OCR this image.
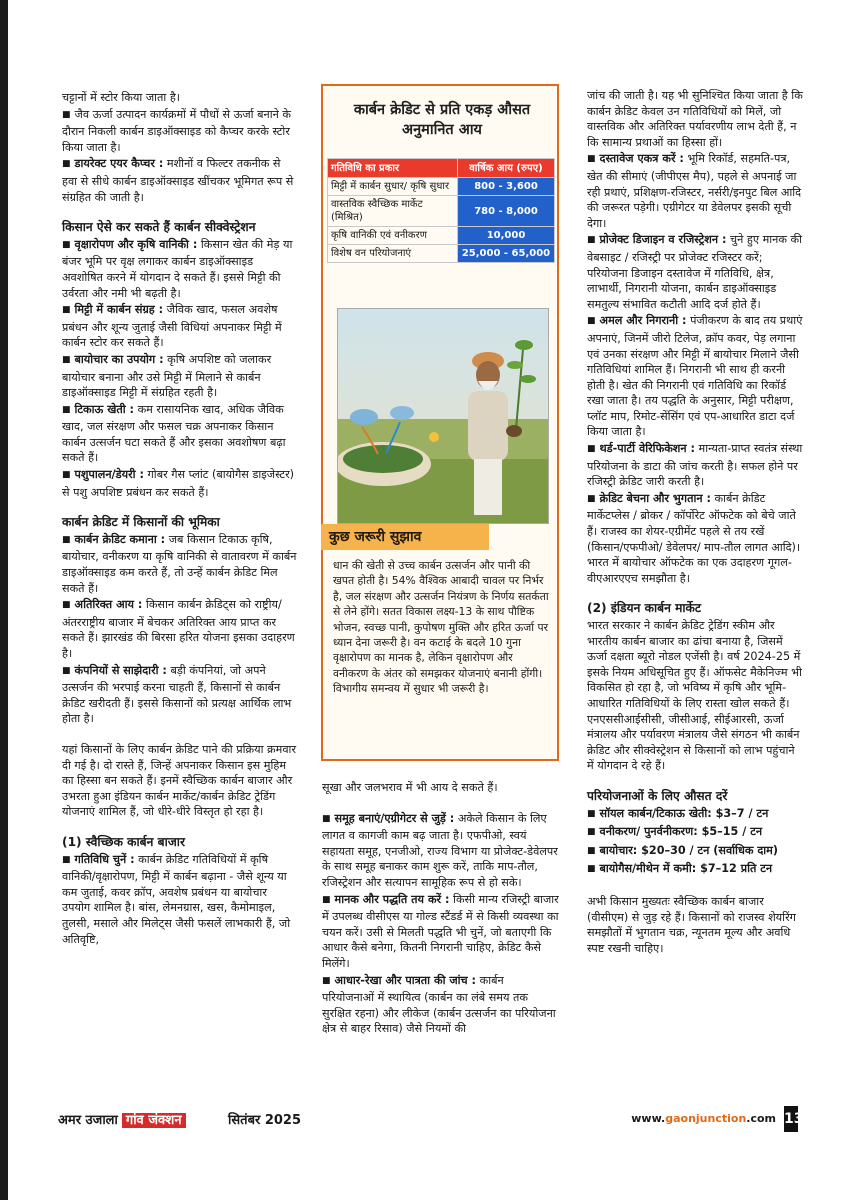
चट्टानों में स्टोर किया जाता है।

■ जैव ऊर्जा उत्पादन कार्यक्रमों में पौधों से ऊर्जा बनाने के दौरान निकली कार्बन डाइऑक्साइड को कैप्चर करके स्टोर किया जाता है।

■ डायरेक्ट एयर कैप्चर : मशीनों व फिल्टर तकनीक से हवा से सीधे कार्बन डाइऑक्साइड खींचकर भूमिगत रूप से संग्रहित की जाती है।

किसान ऐसे कर सकते हैं कार्बन सीक्वेस्ट्रेशन

■ वृक्षारोपण और कृषि वानिकी : किसान खेत की मेड़ या बंजर भूमि पर वृक्ष लगाकर कार्बन डाइऑक्साइड अवशोषित करने में योगदान दे सकते हैं। इससे मिट्टी की उर्वरता और नमी भी बढ़ती है।

■ मिट्टी में कार्बन संग्रह : जैविक खाद, फसल अवशेष प्रबंधन और शून्य जुताई जैसी विधियां अपनाकर मिट्टी में कार्बन स्टोर कर सकते हैं।

■ बायोचार का उपयोग : कृषि अपशिष्ट को जलाकर बायोचार बनाना और उसे मिट्टी में मिलाने से कार्बन डाइऑक्साइड मिट्टी में संग्रहित रहती है।

■ टिकाऊ खेती : कम रासायनिक खाद, अधिक जैविक खाद, जल संरक्षण और फसल चक्र अपनाकर किसान कार्बन उत्सर्जन घटा सकते हैं और इसका अवशोषण बढ़ा सकते हैं।

■ पशुपालन/डेयरी : गोबर गैस प्लांट (बायोगैस डाइजेस्टर) से पशु अपशिष्ट प्रबंधन कर सकते हैं।

कार्बन क्रेडिट में किसानों की भूमिका

■ कार्बन क्रेडिट कमाना : जब किसान टिकाऊ कृषि, बायोचार, वनीकरण या कृषि वानिकी से वातावरण में कार्बन डाइऑक्साइड कम करते हैं, तो उन्हें कार्बन क्रेडिट मिल सकते हैं।

■ अतिरिक्त आय : किसान कार्बन क्रेडिट्स को राष्ट्रीय/अंतरराष्ट्रीय बाजार में बेचकर अतिरिक्त आय प्राप्त कर सकते हैं। झारखंड की बिरसा हरित योजना इसका उदाहरण है।

■ कंपनियों से साझेदारी : बड़ी कंपनियां, जो अपने उत्सर्जन की भरपाई करना चाहती हैं, किसानों से कार्बन क्रेडिट खरीदती हैं। इससे किसानों को प्रत्यक्ष आर्थिक लाभ होता है।

यहां किसानों के लिए कार्बन क्रेडिट पाने की प्रक्रिया क्रमवार दी गई है। दो रास्ते हैं, जिन्हें अपनाकर किसान इस मुहिम का हिस्सा बन सकते हैं। इनमें स्वैच्छिक कार्बन बाजार और उभरता हुआ इंडियन कार्बन मार्केट/कार्बन क्रेडिट ट्रेडिंग योजनाएं शामिल हैं, जो धीरे-धीरे विस्तृत हो रहा है।

(1) स्वैच्छिक कार्बन बाजार

■ गतिविधि चुनें : कार्बन क्रेडिट गतिविधियों में कृषि वानिकी/वृक्षारोपण, मिट्टी में कार्बन बढ़ाना - जैसे शून्य या कम जुताई, कवर क्रॉप, अवशेष प्रबंधन या बायोचार उपयोग शामिल है। बांस, लेमनग्रास, खस, कैमोमाइल, तुलसी, मसाले और मिलेट्स जैसी फसलें लाभकारी हैं, जो अतिवृष्टि,

कार्बन क्रेडिट से प्रति एकड़ औसत अनुमानित आय
गतिविधि का प्रकार	वार्षिक आय (रुपए)
मिट्टी में कार्बन सुधार/ कृषि सुधार	800 - 3,600
वास्तविक स्वैच्छिक मार्केट (मिश्रित)	780 - 8,000
कृषि वानिकी एवं वनीकरण	10,000
विशेष वन परियोजनाएं	25,000 - 65,000
कुछ जरूरी सुझाव
धान की खेती से उच्च कार्बन उत्सर्जन और पानी की खपत होती है। 54% वैश्विक आबादी चावल पर निर्भर है, जल संरक्षण और उत्सर्जन नियंत्रण के निर्णय सतर्कता से लेने होंगे। सतत विकास लक्ष्य-13 के साथ पौष्टिक भोजन, स्वच्छ पानी, कुपोषण मुक्ति और हरित ऊर्जा पर ध्यान देना जरूरी है। वन कटाई के बदले 10 गुना वृक्षारोपण का मानक है, लेकिन वृक्षारोपण और वनीकरण के अंतर को समझकर योजनाएं बनानी होंगी। विभागीय समन्वय में सुधार भी जरूरी है।

सूखा और जलभराव में भी आय दे सकते हैं।

■ समूह बनाएं/एग्रीगेटर से जुड़ें : अकेले किसान के लिए लागत व कागजी काम बढ़ जाता है। एफपीओ, स्वयं सहायता समूह, एनजीओ, राज्य विभाग या प्रोजेक्ट-डेवेलपर के साथ समूह बनाकर काम शुरू करें, ताकि माप-तौल, रजिस्ट्रेशन और सत्यापन सामूहिक रूप से हो सके।

■ मानक और पद्धति तय करें : किसी मान्य रजिस्ट्री बाजार में उपलब्ध वीसीएस या गोल्ड स्टैंडर्ड में से किसी व्यवस्था का चयन करें। उसी से मिलती पद्धति भी चुनें, जो बताएगी कि आधार कैसे बनेगा, कितनी निगरानी चाहिए, क्रेडिट कैसे मिलेंगे।

■ आधार-रेखा और पात्रता की जांच : कार्बन परियोजनाओं में स्थायित्व (कार्बन का लंबे समय तक सुरक्षित रहना) और लीकेज (कार्बन उत्सर्जन का परियोजना क्षेत्र से बाहर रिसाव) जैसे नियमों की

जांच की जाती है। यह भी सुनिश्चित किया जाता है कि कार्बन क्रेडिट केवल उन गतिविधियों को मिलें, जो वास्तविक और अतिरिक्त पर्यावरणीय लाभ देती हैं, न कि सामान्य प्रथाओं का हिस्सा हों।

■ दस्तावेज एकत्र करें : भूमि रिकॉर्ड, सहमति-पत्र, खेत की सीमाएं (जीपीएस मैप), पहले से अपनाई जा रही प्रथाएं, प्रशिक्षण-रजिस्टर, नर्सरी/इनपुट बिल आदि की जरूरत पड़ेगी। एग्रीगेटर या डेवेलपर इसकी सूची देगा।

■ प्रोजेक्ट डिजाइन व रजिस्ट्रेशन : चुने हुए मानक की वेबसाइट / रजिस्ट्री पर प्रोजेक्ट रजिस्टर करें; परियोजना डिजाइन दस्तावेज में गतिविधि, क्षेत्र, लाभार्थी, निगरानी योजना, कार्बन डाइऑक्साइड समतुल्य संभावित कटौती आदि दर्ज होते हैं।

■ अमल और निगरानी : पंजीकरण के बाद तय प्रथाएं अपनाएं, जिनमें जीरो टिलेज, क्रॉप कवर, पेड़ लगाना एवं उनका संरक्षण और मिट्टी में बायोचार मिलाने जैसी गतिविधियां शामिल हैं। निगरानी भी साथ ही करनी होती है। खेत की निगरानी एवं गतिविधि का रिकॉर्ड रखा जाता है। तय पद्धति के अनुसार, मिट्टी परीक्षण, प्लॉट माप, रिमोट-सेंसिंग एवं एप-आधारित डाटा दर्ज किया जाता है।

■ थर्ड-पार्टी वेरिफिकेशन : मान्यता-प्राप्त स्वतंत्र संस्था परियोजना के डाटा की जांच करती है। सफल होने पर रजिस्ट्री क्रेडिट जारी करती है।

■ क्रेडिट बेचना और भुगतान : कार्बन क्रेडिट मार्केटप्लेस / ब्रोकर / कॉर्पोरेट ऑफटेक को बेचे जाते हैं। राजस्व का शेयर-एग्रीमेंट पहले से तय रखें (किसान/एफपीओ/ डेवेलपर/ माप-तौल लागत आदि)। भारत में बायोचार ऑफटेक का एक उदाहरण गूगल-वीएआरएएच समझौता है।

(2) इंडियन कार्बन मार्केट

भारत सरकार ने कार्बन क्रेडिट ट्रेडिंग स्कीम और भारतीय कार्बन बाजार का ढांचा बनाया है, जिसमें ऊर्जा दक्षता ब्यूरो नोडल एजेंसी है। वर्ष 2024-25 में इसके नियम अधिसूचित हुए हैं। ऑफसेट मैकेनिज्म भी विकसित हो रहा है, जो भविष्य में कृषि और भूमि-आधारित गतिविधियों के लिए रास्ता खोल सकते हैं। एनएससीआईसीसी, जीसीआई, सीईआरसी, ऊर्जा मंत्रालय और पर्यावरण मंत्रालय जैसे संगठन भी कार्बन क्रेडिट और सीक्वेस्ट्रेशन से किसानों को लाभ पहुंचाने में योगदान दे रहे हैं।

परियोजनाओं के लिए औसत दरें

■ सॉयल कार्बन/टिकाऊ खेती: $3–7 / टन

■ वनीकरण/ पुनर्वनीकरण: $5–15 / टन

■ बायोचार: $20–30 / टन (सर्वाधिक दाम)

■ बायोगैस/मीथेन में कमी: $7–12 प्रति टन

अभी किसान मुख्यतः स्वैच्छिक कार्बन बाजार (वीसीएम) से जुड़ रहे हैं। किसानों को राजस्व शेयरिंग समझौतों में भुगतान चक्र, न्यूनतम मूल्य और अवधि स्पष्ट रखनी चाहिए।

अमर उजाला गांव जंक्शन	सितंबर 2025	www.gaonjunction.com 13
